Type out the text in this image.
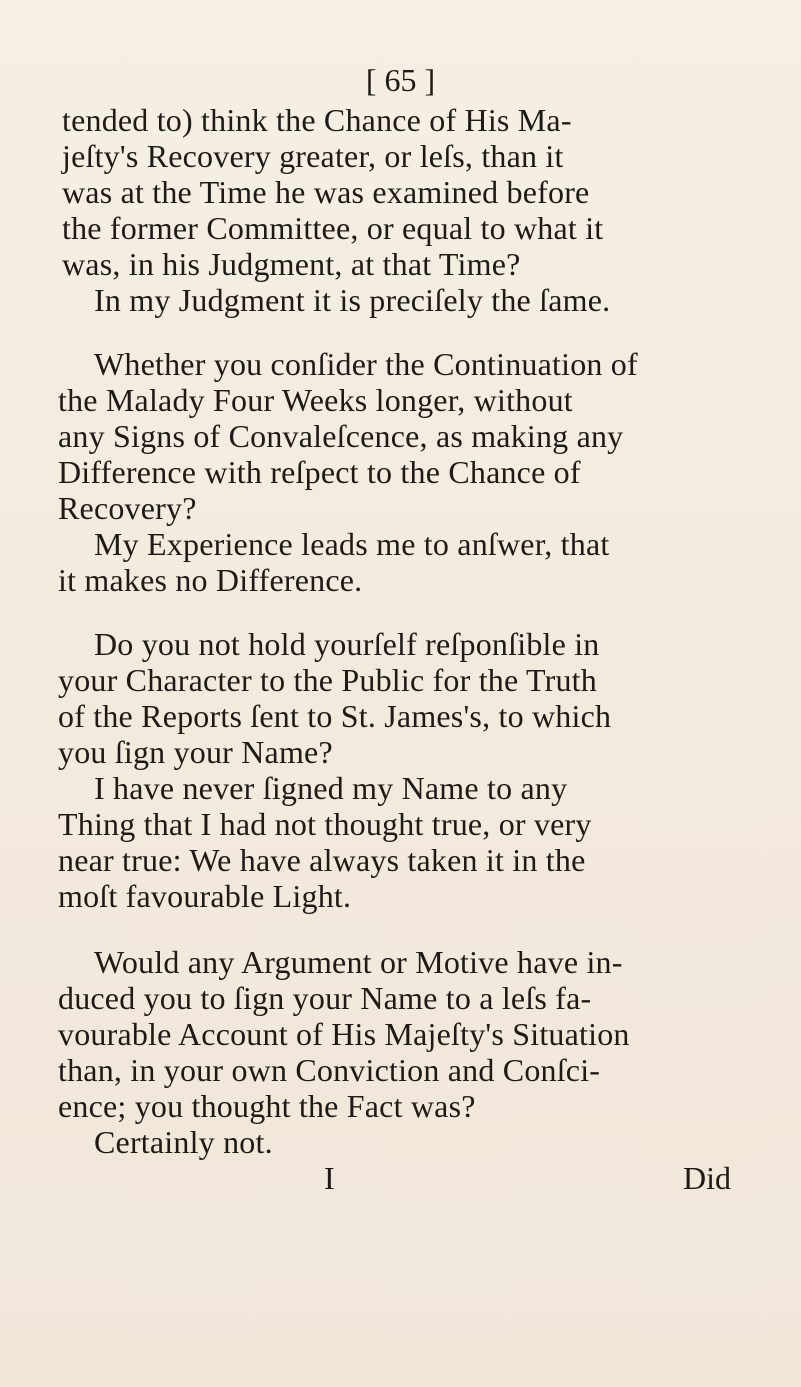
[ 65 ]
tended to) think the Chance of His Ma-
jeſty's Recovery greater, or leſs, than it
was at the Time he was examined before
the former Committee, or equal to what it
was, in his Judgment, at that Time?
In my Judgment it is preciſely the ſame.
Whether you conſider the Continuation of
the Malady Four Weeks longer, without
any Signs of Convaleſcence, as making any
Difference with reſpect to the Chance of
Recovery?
My Experience leads me to anſwer, that
it makes no Difference.
Do you not hold yourſelf reſponſible in
your Character to the Public for the Truth
of the Reports ſent to St. James's, to which
you ſign your Name?
I have never ſigned my Name to any
Thing that I had not thought true, or very
near true: We have always taken it in the
moſt favourable Light.
Would any Argument or Motive have in-
duced you to ſign your Name to a leſs fa-
vourable Account of His Majeſty's Situation
than, in your own Conviction and Conſci-
ence; you thought the Fact was?
Certainly not.
I	Did
